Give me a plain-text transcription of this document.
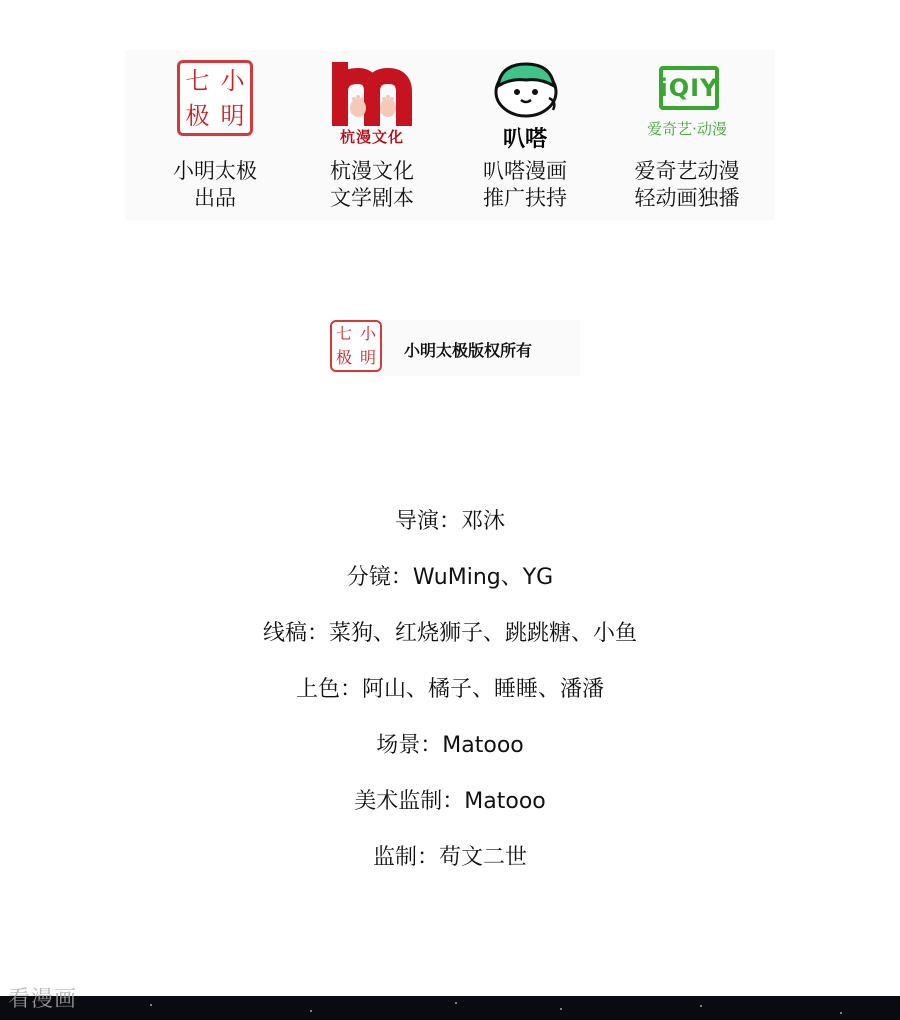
七 小
极 明
小明太极
出品
杭漫文化
杭漫文化
文学剧本
叭嗒
叭嗒漫画
推广扶持
iQIY
爱奇艺·动漫
爱奇艺动漫
轻动画独播
七 小
极 明 小明太极版权所有
导演：邓沐
分镜：WuMing、YG
线稿：菜狗、红烧狮子、跳跳糖、小鱼
上色：阿山、橘子、睡睡、潘潘
场景：Matooo
美术监制：Matooo
监制：苟文二世
看漫画
